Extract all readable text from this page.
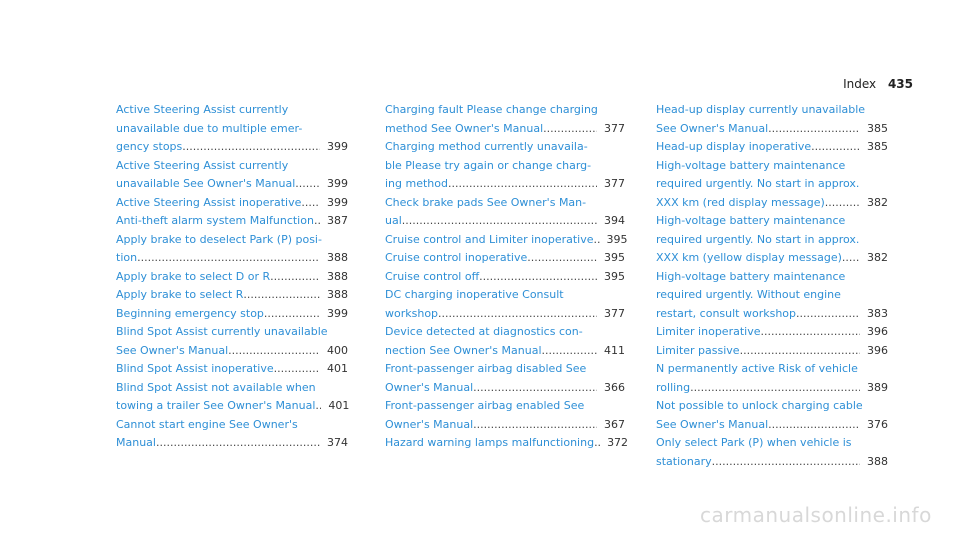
Index 435
Active Steering Assist currently
unavailable due to multiple emer-
gency stops .....	399
Active Steering Assist currently
unavailable See Owner's Manual .....	399
Active Steering Assist inoperative .....	399
Anti-theft alarm system Malfunction .....	387
Apply brake to deselect Park (P) posi-
tion .....	388
Apply brake to select D or R .....	388
Apply brake to select R .....	388
Beginning emergency stop .....	399
Blind Spot Assist currently unavailable
See Owner's Manual .....	400
Blind Spot Assist inoperative .....	401
Blind Spot Assist not available when
towing a trailer See Owner's Manual .....	401
Cannot start engine See Owner's
Manual .....	374
Charging fault Please change charging
method See Owner's Manual .....	377
Charging method currently unavaila-
ble Please try again or change charg-
ing method .....	377
Check brake pads See Owner's Man-
ual .....	394
Cruise control and Limiter inoperative .....	395
Cruise control inoperative .....	395
Cruise control off .....	395
DC charging inoperative Consult
workshop .....	377
Device detected at diagnostics con-
nection See Owner's Manual .....	411
Front-passenger airbag disabled See
Owner's Manual .....	366
Front-passenger airbag enabled See
Owner's Manual .....	367
Hazard warning lamps malfunctioning .....	372
Head-up display currently unavailable
See Owner's Manual .....	385
Head-up display inoperative .....	385
High-voltage battery maintenance
required urgently. No start in approx.
XXX km (red display message) .....	382
High-voltage battery maintenance
required urgently. No start in approx.
XXX km (yellow display message) .....	382
High-voltage battery maintenance
required urgently. Without engine
restart, consult workshop .....	383
Limiter inoperative .....	396
Limiter passive .....	396
N permanently active Risk of vehicle
rolling .....	389
Not possible to unlock charging cable
See Owner's Manual .....	376
Only select Park (P) when vehicle is
stationary .....	388
carmanualsonline.info
